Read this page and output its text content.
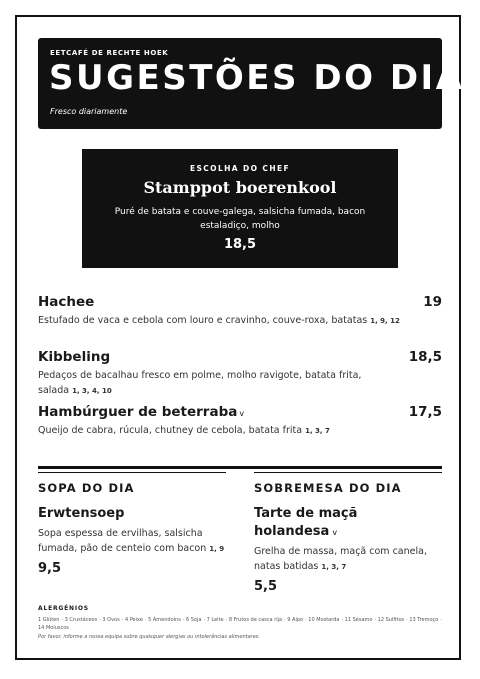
EETCAFÉ DE RECHTE HOEK
SUGESTÕES DO DIA
Fresco diariamente
ESCOLHA DO CHEF
Stamppot boerenkool
Puré de batata e couve-galega, salsicha fumada, bacon estaladiço, molho
18,5
Hachee	19
Estufado de vaca e cebola com louro e cravinho, couve-roxa, batatas 1, 9, 12
Kibbeling	18,5
Pedaços de bacalhau fresco em polme, molho ravigote, batata frita, salada 1, 3, 4, 10
Hambúrguer de beterraba v	17,5
Queijo de cabra, rúcula, chutney de cebola, batata frita 1, 3, 7
SOPA DO DIA
Erwtensoep
Sopa espessa de ervilhas, salsicha fumada, pão de centeio com bacon 1, 9
9,5
SOBREMESA DO DIA
Tarte de maçã holandesa v
Grelha de massa, maçã com canela, natas batidas 1, 3, 7
5,5
ALERGÉNIOS
1 Glúten · 3 Crustáceos · 3 Ovos · 4 Peixe · 5 Amendoins · 6 Soja · 7 Leite · 8 Frutos de casca rija · 9 Aipo · 10 Mostarda · 11 Sésamo · 12 Sulfitos · 13 Tremoço · 14 Moluscos
Por favor, informe a nossa equipa sobre quaisquer alergias ou intolerâncias alimentares.
